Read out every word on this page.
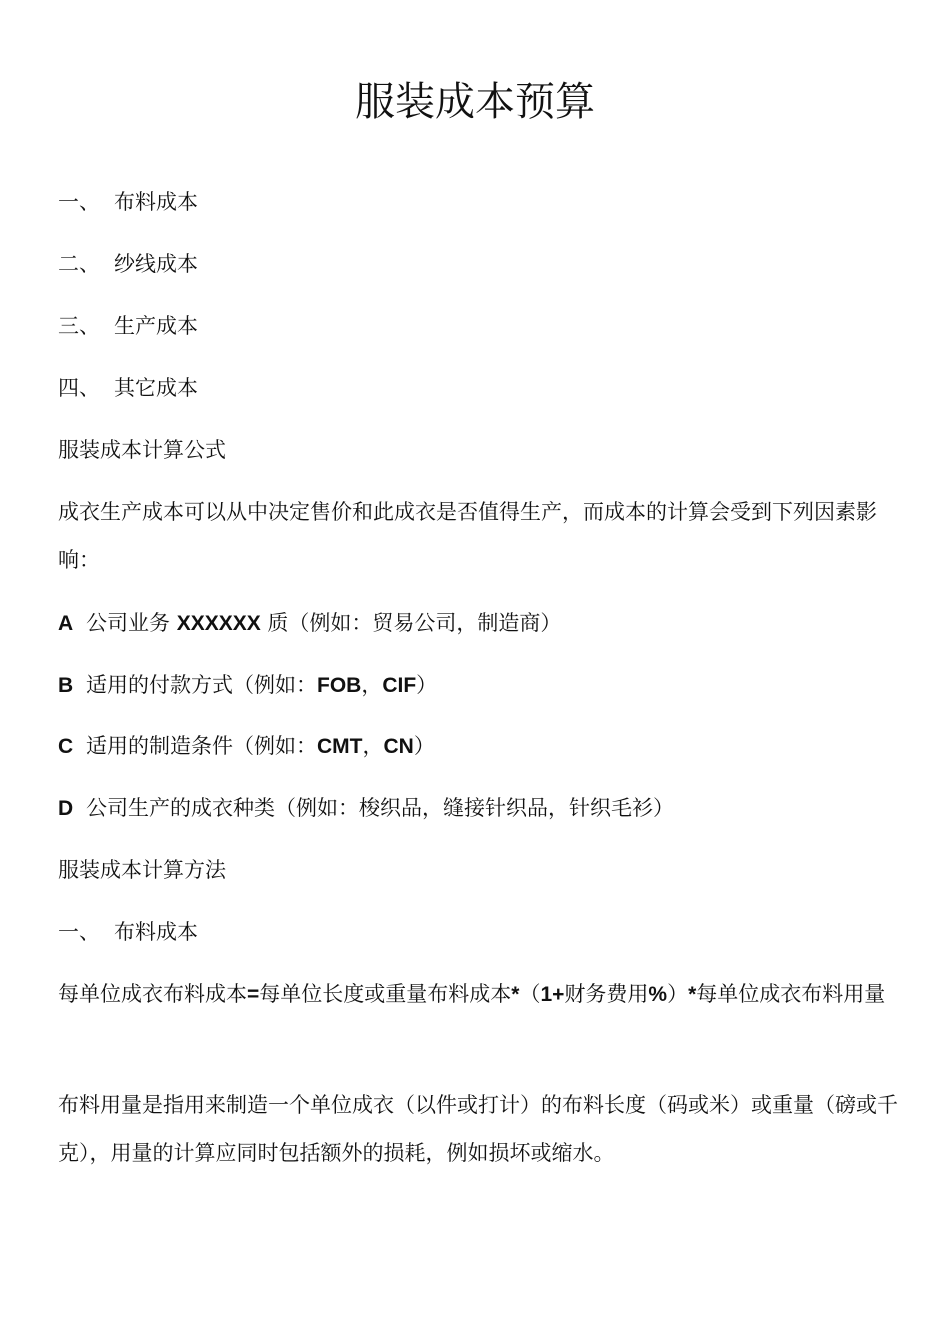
服装成本预算
一、 布料成本
二、 纱线成本
三、 生产成本
四、 其它成本
服装成本计算公式
成衣生产成本可以从中决定售价和此成衣是否值得生产，而成本的计算会受到下列因素影响：
A 公司业务 XXXXXX 质（例如：贸易公司，制造商）
B 适用的付款方式（例如：FOB，CIF）
C 适用的制造条件（例如：CMT，CN）
D 公司生产的成衣种类（例如：梭织品，缝接针织品，针织毛衫）
服装成本计算方法
一、 布料成本
每单位成衣布料成本=每单位长度或重量布料成本*（1+财务费用%）*每单位成衣布料用量
布料用量是指用来制造一个单位成衣（以件或打计）的布料长度（码或米）或重量（磅或千克），用量的计算应同时包括额外的损耗，例如损坏或缩水。
